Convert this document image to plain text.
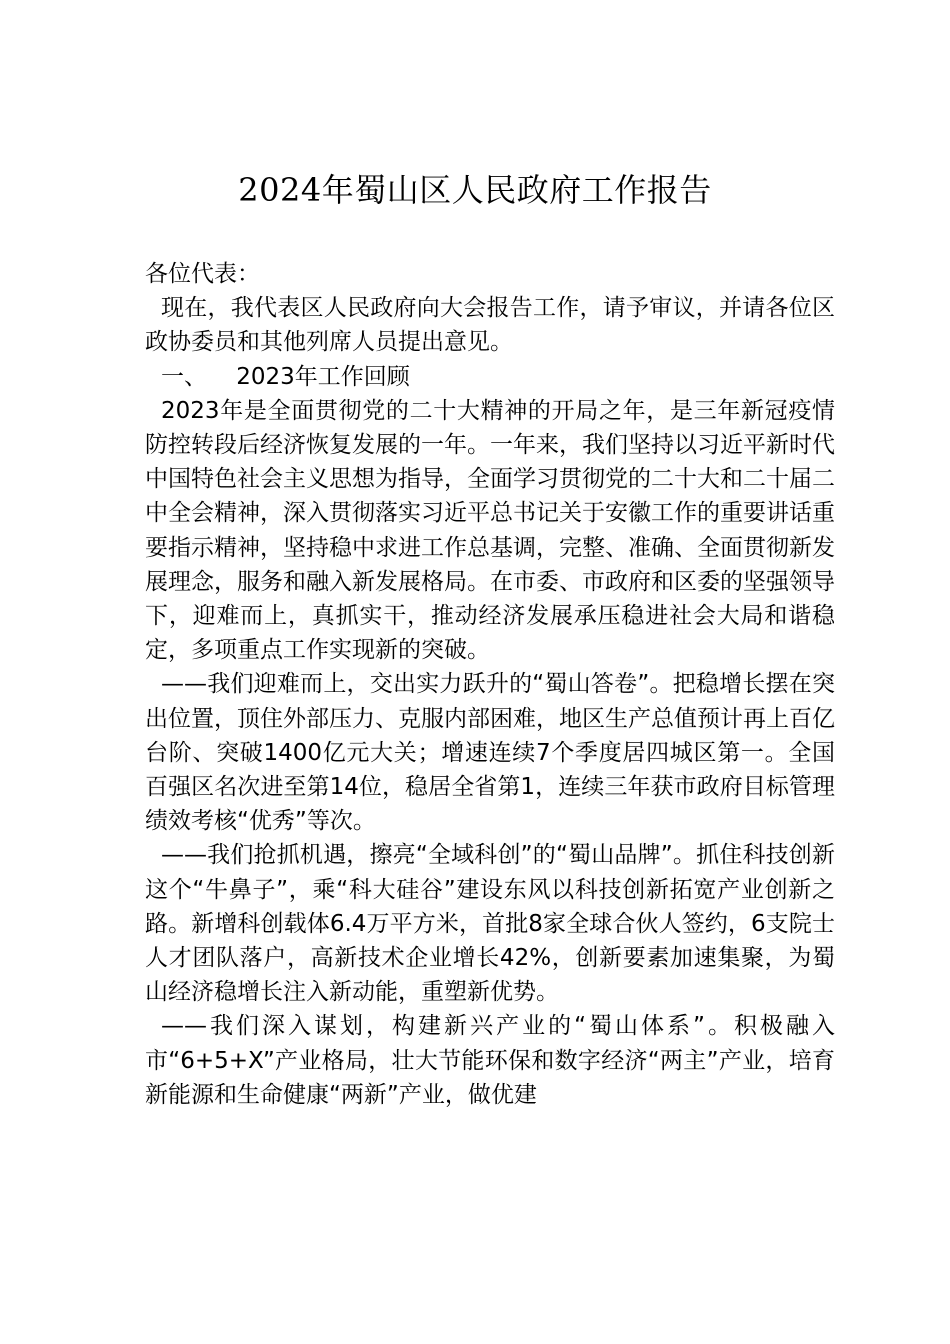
2024年蜀山区人民政府工作报告

各位代表：

现在，我代表区人民政府向大会报告工作，请予审议，并请各位区政协委员和其他列席人员提出意见。

一、    2023年工作回顾

2023年是全面贯彻党的二十大精神的开局之年，是三年新冠疫情防控转段后经济恢复发展的一年。一年来，我们坚持以习近平新时代中国特色社会主义思想为指导，全面学习贯彻党的二十大和二十届二中全会精神，深入贯彻落实习近平总书记关于安徽工作的重要讲话重要指示精神，坚持稳中求进工作总基调，完整、准确、全面贯彻新发展理念，服务和融入新发展格局。在市委、市政府和区委的坚强领导下，迎难而上，真抓实干，推动经济发展承压稳进社会大局和谐稳定，多项重点工作实现新的突破。

——我们迎难而上，交出实力跃升的“蜀山答卷”。把稳增长摆在突出位置，顶住外部压力、克服内部困难，地区生产总值预计再上百亿台阶、突破1400亿元大关；增速连续7个季度居四城区第一。全国百强区名次进至第14位，稳居全省第1，连续三年获市政府目标管理绩效考核“优秀”等次。

——我们抢抓机遇，擦亮“全域科创”的“蜀山品牌”。抓住科技创新这个“牛鼻子”，乘“科大硅谷”建设东风以科技创新拓宽产业创新之路。新增科创载体6.4万平方米，首批8家全球合伙人签约，6支院士人才团队落户，高新技术企业增长42%，创新要素加速集聚，为蜀山经济稳增长注入新动能，重塑新优势。

——我们深入谋划，构建新兴产业的“蜀山体系”。积极融入市“6+5+X”产业格局，壮大节能环保和数字经济“两主”产业，培育新能源和生命健康“两新”产业，做优建
